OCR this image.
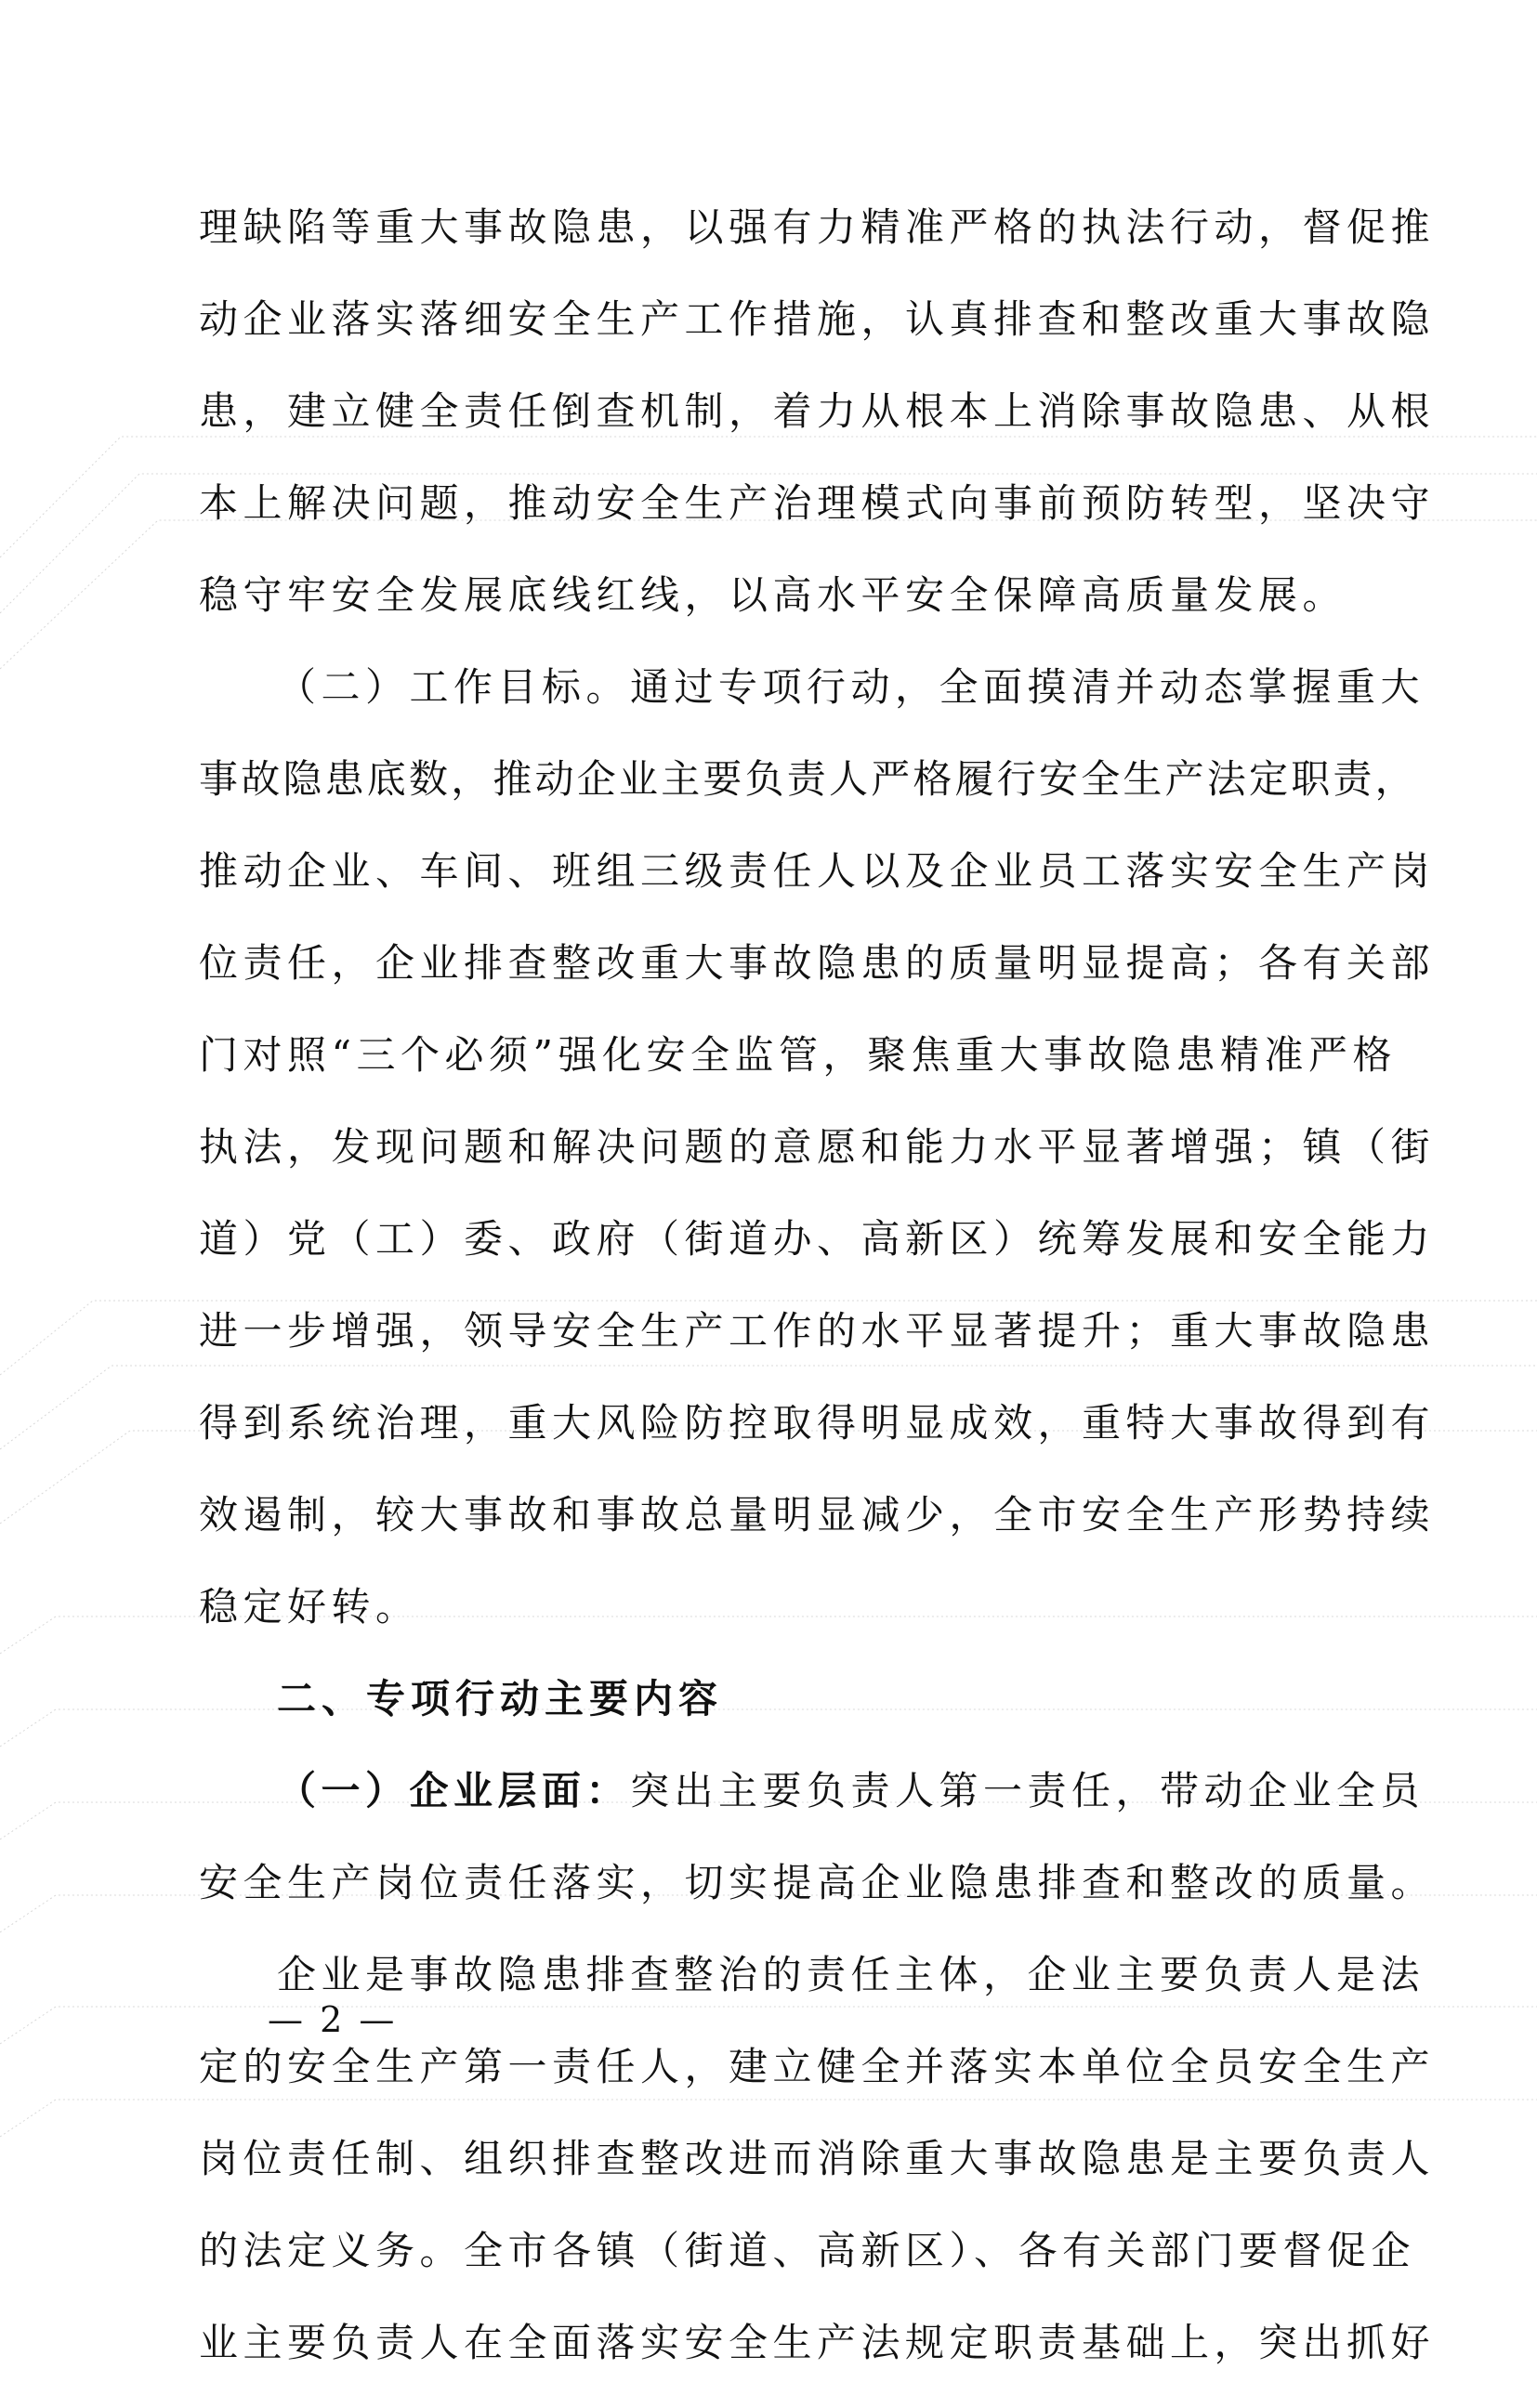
理缺陷等重大事故隐患，以强有力精准严格的执法行动，督促推
动企业落实落细安全生产工作措施，认真排查和整改重大事故隐
患，建立健全责任倒查机制，着力从根本上消除事故隐患、从根
本上解决问题，推动安全生产治理模式向事前预防转型，坚决守
稳守牢安全发展底线红线，以高水平安全保障高质量发展。
（二）工作目标。通过专项行动，全面摸清并动态掌握重大
事故隐患底数，推动企业主要负责人严格履行安全生产法定职责，
推动企业、车间、班组三级责任人以及企业员工落实安全生产岗
位责任，企业排查整改重大事故隐患的质量明显提高；各有关部
门对照“三个必须”强化安全监管，聚焦重大事故隐患精准严格
执法，发现问题和解决问题的意愿和能力水平显著增强；镇（街
道）党（工）委、政府（街道办、高新区）统筹发展和安全能力
进一步增强，领导安全生产工作的水平显著提升；重大事故隐患
得到系统治理，重大风险防控取得明显成效，重特大事故得到有
效遏制，较大事故和事故总量明显减少，全市安全生产形势持续
稳定好转。
二、专项行动主要内容
（一）企业层面：突出主要负责人第一责任，带动企业全员
安全生产岗位责任落实，切实提高企业隐患排查和整改的质量。
企业是事故隐患排查整治的责任主体，企业主要负责人是法
定的安全生产第一责任人，建立健全并落实本单位全员安全生产
岗位责任制、组织排查整改进而消除重大事故隐患是主要负责人
的法定义务。全市各镇（街道、高新区）、各有关部门要督促企
业主要负责人在全面落实安全生产法规定职责基础上，突出抓好
— 2 —
